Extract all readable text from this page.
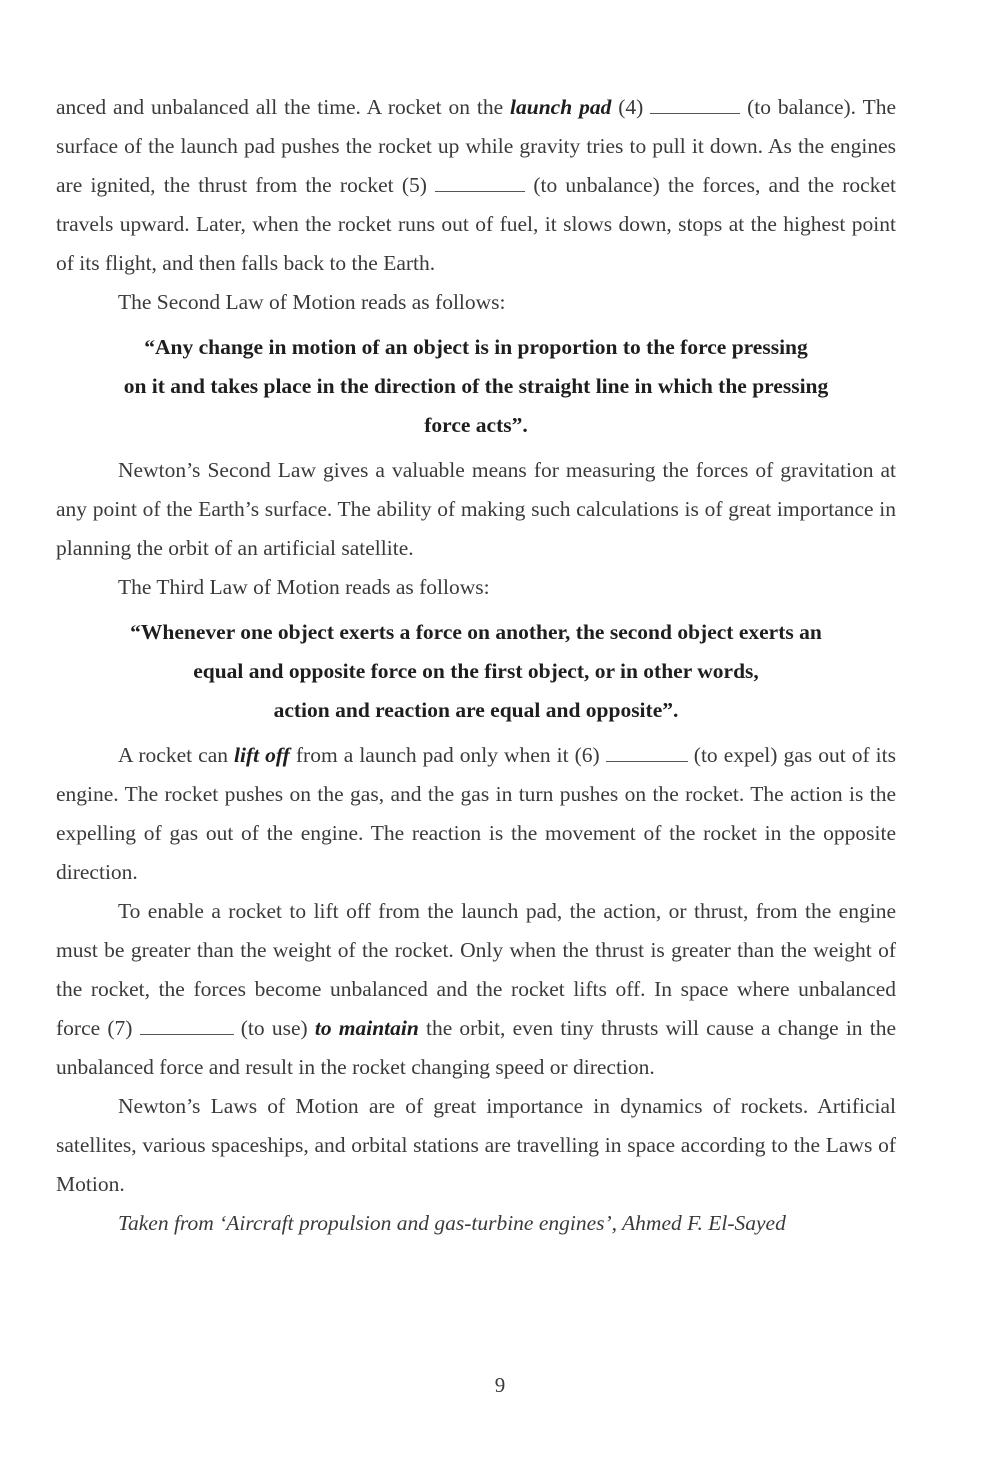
anced and unbalanced all the time. A rocket on the launch pad (4)	(to balance). The surface of the launch pad pushes the rocket up while gravity tries to pull it down. As the engines are ignited, the thrust from the rocket (5)	(to unbalance) the forces, and the rocket travels upward. Later, when the rocket runs out of fuel, it slows down, stops at the highest point of its flight, and then falls back to the Earth.

The Second Law of Motion reads as follows:

“Any change in motion of an object is in proportion to the force pressing
on it and takes place in the direction of the straight line in which the pressing
force acts”.

Newton’s Second Law gives a valuable means for measuring the forces of gravitation at any point of the Earth’s surface. The ability of making such calculations is of great importance in planning the orbit of an artificial satellite.

The Third Law of Motion reads as follows:

“Whenever one object exerts a force on another, the second object exerts an
equal and opposite force on the first object, or in other words,
action and reaction are equal and opposite”.

A rocket can lift off from a launch pad only when it (6)	(to expel) gas out of its engine. The rocket pushes on the gas, and the gas in turn pushes on the rocket. The action is the expelling of gas out of the engine. The reaction is the movement of the rocket in the opposite direction.

To enable a rocket to lift off from the launch pad, the action, or thrust, from the engine must be greater than the weight of the rocket. Only when the thrust is greater than the weight of the rocket, the forces become unbalanced and the rocket lifts off. In space where unbalanced force (7)	(to use) to maintain the orbit, even tiny thrusts will cause a change in the unbalanced force and result in the rocket changing speed or direction.

Newton’s Laws of Motion are of great importance in dynamics of rockets. Artificial satellites, various spaceships, and orbital stations are travelling in space according to the Laws of Motion.

Taken from ‘Aircraft propulsion and gas-turbine engines’, Ahmed F. El-Sayed

9
